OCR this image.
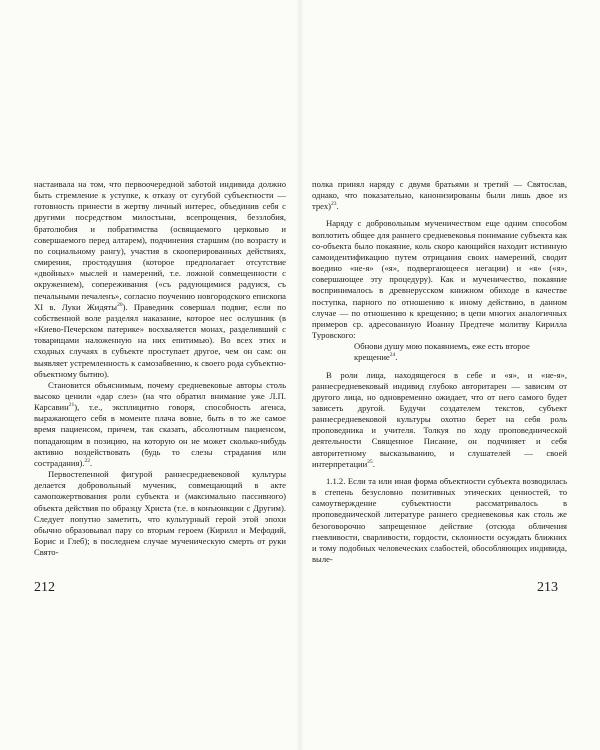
настаивала на том, что первоочередной заботой индивида должно быть стремление к уступке, к отказу от сугубой субъектности — готовность принести в жертву личный интерес, объединив себя с другими посредством милостыни, всепрощения, беззлобия, братолюбия и побратимства (освящаемого церковью и совершаемого перед алтарем), подчинения старшим (по возрасту и по социальному рангу), участия в скооперированных действиях, смирения, простодушия (которое предполагает отсутствие «двойных» мыслей и намерений, т.е. ложной совмещенности с окружением), сопереживания («съ радующимися радуися, съ печальными печаленъ», согласно поучению новгородского епископа XI в. Луки Жидяты$^{20}$). Праведник совершал подвиг, если по собственной воле разделял наказание, которое нес ослушник (в «Киево-Печерском патерике» восхваляется монах, разделивший с товарищами наложенную на них епитимью). Во всех этих и сходных случаях в субъекте проступает другое, чем он сам: он выявляет устремленность к самозабвению, к своего рода субъектно-объектному бытию).

Становится объяснимым, почему средневековые авторы столь высоко ценили «дар слез» (на что обратил внимание уже Л.П. Карсавин$^{21}$), т.е., эксплицитно говоря, способность агенса, выражающего себя в моменте плача вовне, быть в то же самое время пациенсом, причем, так сказать, абсолютным пациенсом, попадающим в позицию, на которую он не может сколько-нибудь активно воздействовать (будь то слезы страдания или сострадания).$^{22}$.

Первостепенной фигурой раннесредневековой культуры делается добровольный мученик, совмещающий в акте самопожертвования роли субъекта и (максимально пассивного) объекта действия по образцу Христа (т.е. в конъюнкции с Другим). Следует попутно заметить, что культурный герой этой эпохи обычно образовывал пару со вторым героем (Кирилл и Мефодий, Борис и Глеб); в последнем случае мученическую смерть от руки Свято-

212

полка принял наряду с двумя братьями и третий — Святослав, однако, что показательно, канонизированы были лишь двое из трех)$^{23}$.

Наряду с добровольным мученичеством еще одним способом воплотить общее для раннего средневековья понимание субъекта как со-объекта было покаяние, коль скоро кающийся находит истинную самоидентификацию путем отрицания своих намерений, сводит воедино «не-я» («я», подвергающееся негации) и «я» («я», совершающее эту процедуру). Как и мученичество, покаяние воспринималось в древнерусском книжном обиходе в качестве поступка, парного по отношению к иному действию, в данном случае — по отношению к крещению; в цепи многих аналогичных примеров ср. адресованную Иоанну Предтече молитву Кирилла Туровского:

Обнови душу мою покаяниемъ, еже есть второе крещение$^{24}$.

В роли лица, находящегося в себе и «я», и «не-я», раннесредневековый индивид глубоко авторитарен — зависим от другого лица, но одновременно ожидает, что от него самого будет зависеть другой. Будучи создателем текстов, субъект раннесредневековой культуры охотно берет на себя роль проповедника и учителя. Толкуя по ходу проповеднической деятельности Священное Писание, он подчиняет и себя авторитетному высказыванию, и слушателей — своей интерпретации$^{25}$.

1.1.2. Если та или иная форма объектности субъекта возводилась в степень безусловно позитивных этических ценностей, то самоутверждение субъектности рассматривалось в проповеднической литературе раннего средневековья как столь же безоговорочно запрещенное действие (отсюда обличения гневливости, сварливости, гордости, склонности осуждать ближних и тому подобных человеческих слабостей, обособляющих индивида, выле-

213
